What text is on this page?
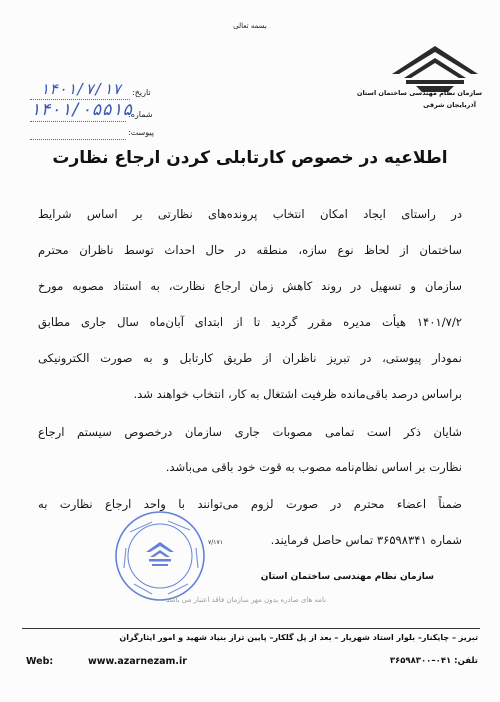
بسمه تعالی
سازمان نظام مهندسی ساختمان استان
آذربایجان شرقی
تاریخ:
۱۴۰۱/۷/۱۷
شماره:
۱۴۰۱/۰۵۵۱۵
پیوست:
اطلاعیه در خصوص کارتابلی کردن ارجاع نظارت
در راستای ایجاد امکان انتخاب پرونده‌های نظارتی بر اساس شرایط
ساختمان از لحاظ نوع سازه، منطقه در حال احداث توسط ناظران محترم
سازمان و تسهیل در روند کاهش زمان ارجاع نظارت، به استناد مصوبه مورخ
۱۴۰۱/۷/۲ هیأت مدیره مقرر گردید تا از ابتدای آبان‌ماه سال جاری مطابق
نمودار پیوستی، در تبریز ناظران از طریق کارتابل و به صورت الکترونیکی
براساس درصد باقی‌مانده ظرفیت اشتغال به کار، انتخاب خواهند شد.
شایان ذکر است تمامی مصوبات جاری سازمان درخصوص سیستم ارجاع
نظارت بر اساس نظام‌نامه مصوب به قوت خود باقی می‌باشد.
ضمناً اعضاء محترم در صورت لزوم می‌توانند با واحد ارجاع نظارت به
شماره ۳۶۵۹۸۳۴۱ تماس حاصل فرمایند.
۷/۱۷۱
سازمان نظام مهندسی ساختمان استان
نامه های صادره بدون مهر سازمان فاقد اعتبار می باشد
تبریز – چایکنار– بلوار استاد شهریار – بعد از پل گلکار– پایین تراز بنیاد شهید و امور ایثارگران
Web:	www.azarnezam.ir	تلفن: ۰۴۱–۳۶۵۹۸۳۰۰
